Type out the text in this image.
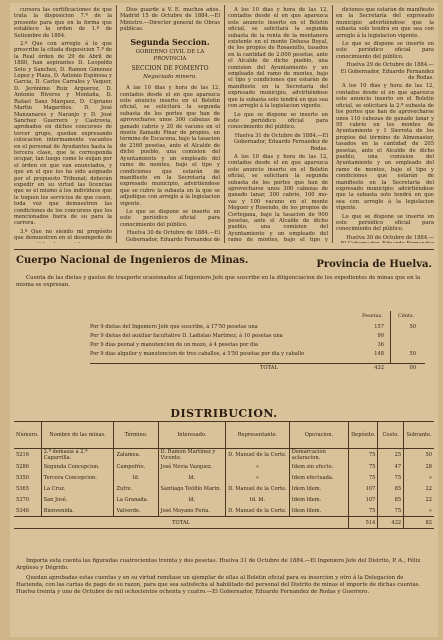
cursora las certificaciones de que trata la disposicion 7.ª de la presente para que en la forma que establece la orden de 1.º de Setiembre de 1884.

2.º Que con arreglo á lo que prescribe la citada disposicion 7.ª de la Real órden de 29 de Abril de 1880, han aspirantes D. Leopoldo Soto y Sanchez, D. Ramon Gimenez Lopez y Plaza, D. Antonio Espinosa y Garcia, D. Carlos Carrales y Vaquer, D. Jerónimo Ruiz Argueroz, D. Antonio Riveros y Montaña, D. Rafael Sanz Marquez, D. Cipriano Martin Magariños, D. José Manzanares y Naranjo y D. José Sanchez Guerrero y Castrovia, aprobados en dichos concursos de tercer grupo, quedan expresando colocacion interinamente vacantes en el personal de Ayudantes hasta la tercera clase, que le corresponda ocupar, tan luego como lo exijan por el órden en que van enunciados, y que en el que los ha sido asignado por el propuesto Tribunal; deberán expedir en su virtud las licencias que se el mismo á los individuos que le toquen los servicios de que cesen, toda vez que demuestren las condiciones de los concursos que los mencionados fuera de su para la carrera.

3.º Que no siendo mi propósito que demuestren en el desempeño de

Dios guarde á V. E. muchos años. Madrid 15 de Octubre de 1884.—El Ministro.—Director general de Obras públicas.

Segunda Seccion.
GOBIERNO CIVIL DE LA PROVINCIA
SECCION DE FOMENTO
Negociado minero.

A las 10 dias y hora de las 12, contados desde el en que aparezca este anuncio inserto en el Boletin oficial, se solicitará la segunda subasta de los portes que han de aprovecharse unos 300 cabezas de ganado cabrío y 20 de vacuno en el monte llamado Pinar de propios, en término de Escacena, bajo la tasacion de 2160 pesetas, ante el Alcalde de dicho pueblo, una comision del Ayuntamiento y un empleado del ramo de montes, bajo el tipo y condiciones que estarán de manifiesto en la Secretaria del expresado municipio, advirtiéndose que se cubre la subasta en la que se adjudique con arreglo á la legislacion vigente.

Lo que se dispone se inserte en este periódico oficial para conocimiento del público.

Huelva 30 de Octubre de 1884.—El Gobernador, Eduardo Fernandez de

A los 10 dias y hora de las 12, contados desde el en que aparezca este anuncio inserto en el Boletin oficial, se solicitará la segunda subasta de la renta de la montanera existente en el monte Dehesa Boyal, de los propios de Rosaenillo, tasados en la cantidad de 2.000 pesetas, ante el Alcalde de dicho pueblo, una comision del Ayuntamiento y un empleado del ramo de montes, bajo el tipo y condiciones que estarán de manifiesto en la Secretaría del expresado municipio, advirtiéndose que la subasta solo tendrá en que sea con arreglo á la legislacion vigente.

Lo que se dispone se inserte en este periódico oficial para conocimiento del público.

Huelva 31 de Octubre de 1884.—El Gobernador, Eduardo Fernandez de Rodas.

A los 10 dias y hora de las 12, contados desde el en que aparezca este anuncio inserto en el Boletin oficial, se solicitará la segunda subasta de los portes que han de aprovecharse unos 300 cabezas de ganado lanar, 300 cabrío, 100 mo- vas y 100 vacuno en el monte Moguer y Rosendo, de los propios de Cortegana, bajo la tasacion de 900 pesetas, ante el Alcalde de dicho pueblo, una comision del Ayuntamiento y un empleado del ramo de montes, bajo el tipo y

diciones que estarán de manifiesto en la Secretaría del expresado municipio advirtiéndose que la subasta solo tendrá en que sea con arreglo á la legislacion vigente.

Lo que se dispone se inserte en este periódico oficial para conocimiento del público.

Huelva 29 de Octubre de 1884.—El Gobernador, Eduardo Fernandez de Rodas.

A los 10 dias y hora de las 12, contados desde el en que aparezca este anuncio inserto en el Boletin oficial, se solicitará la 2.ª subasta de los portes que han de aprovecharse unos 110 cabezas de ganado lanar y 95 cabrío en los montes de Ayuntamiento y 1 Sierreta de los propios del término de Almonaster, tasados en la cantidad de 205 pesetas, ante el Alcalde de dicho pueblo, una comision del Ayuntamiento y un empleado del ramo de montes, bajo el tipo y condiciones que estarán de manifiesto en la Secretaria del expresado municipio; advirtiéndose que la subasta solo tendrá en que sea con arreglo á la legislacion vigente.

Lo que se dispone se inserte en este periódico oficial para conocimiento del público.

Huelva 30 de Octubre de 1884.—

Cuerpo Nacional de Ingenieros de Minas.	Provincia de Huelva.
Cuenta de las dietas y gastos de trasporte ocasionados al Ingeniero Jefe que suscribe en la diligenciacion de los expedientes de minas que en la misma se expresan.
Pesetas.	Cénts.
Por 9 dietas del Ingeniero Jefe que suscribe, á 17'50 pesetas una	157	50
Por 9 dietas del auxiliar facultativo D. Ladislao Martinez, á 10 pesetas una	90
Por 9 dias peonal y manutencion de un mozo, á 4 pesetas por dia	36
Por 9 dias alquiler y manutencion de tres caballos, á 5'50 pesetas por dia y caballo	148	50
TOTAL	432	00
DISTRIBUCION.
Número.	Nombre de las minas.	Término.	Interesado.	Representante.	Operacion.	Depósito.	Costo.	Sobrante.
5216	2.ª demasía á 2.ª Caparrilla.	Zalamea.	D. Ramon Martinez y Vicente.	D. Manuel de la Corte.	Demarcacion aclaracion.	75	25	50
5286	Segunda Concepcion.	Campofrío.	José Nevia Vazquez.	»	Idem sin efecto.	75	47	28
5350	Tercera Concepcion.	Id.	Id.	»	Idem efectuada.	75	75	»
5365	La Cruz.	Zufre.	Santiago Teófilo Marin.	D. Manuel de la Corte.	Idem Idem.	107	85	22
5370	San José.	La Granada.	Id.	Id. Id.	Idem Idem.	107	85	22
5346	Bienvenida.	Valverde.	José Moyano Fería.	D. Manuel de la Corte.	Idem Idem.	75	75	»
TOTAL						514	432	82
Importa esta cuenta las figuradas cuatrocientas treinta y dos pesetas. Huelva 31 de Octubre de 1884.—El Ingeniero Jefe del Distrito, P. A., Félix Argüeso y Dégrido.
Quedan aprobadas estas cuentas y en su virtud remítase un ejemplar de ellas al Boletin oficial para su insercion y otro á la Delegacion de Hacienda, con las cartas de pago de su razon, para que sea satisfecha al habilitado del personal del Distrito de minas el importe de dichas cuentas. Huelva treinta y uno de Octubre de mil ochocientos ochenta y cuatro.—El Gobernador, Eduardo Fernandez de Rodas y Guerrero.
